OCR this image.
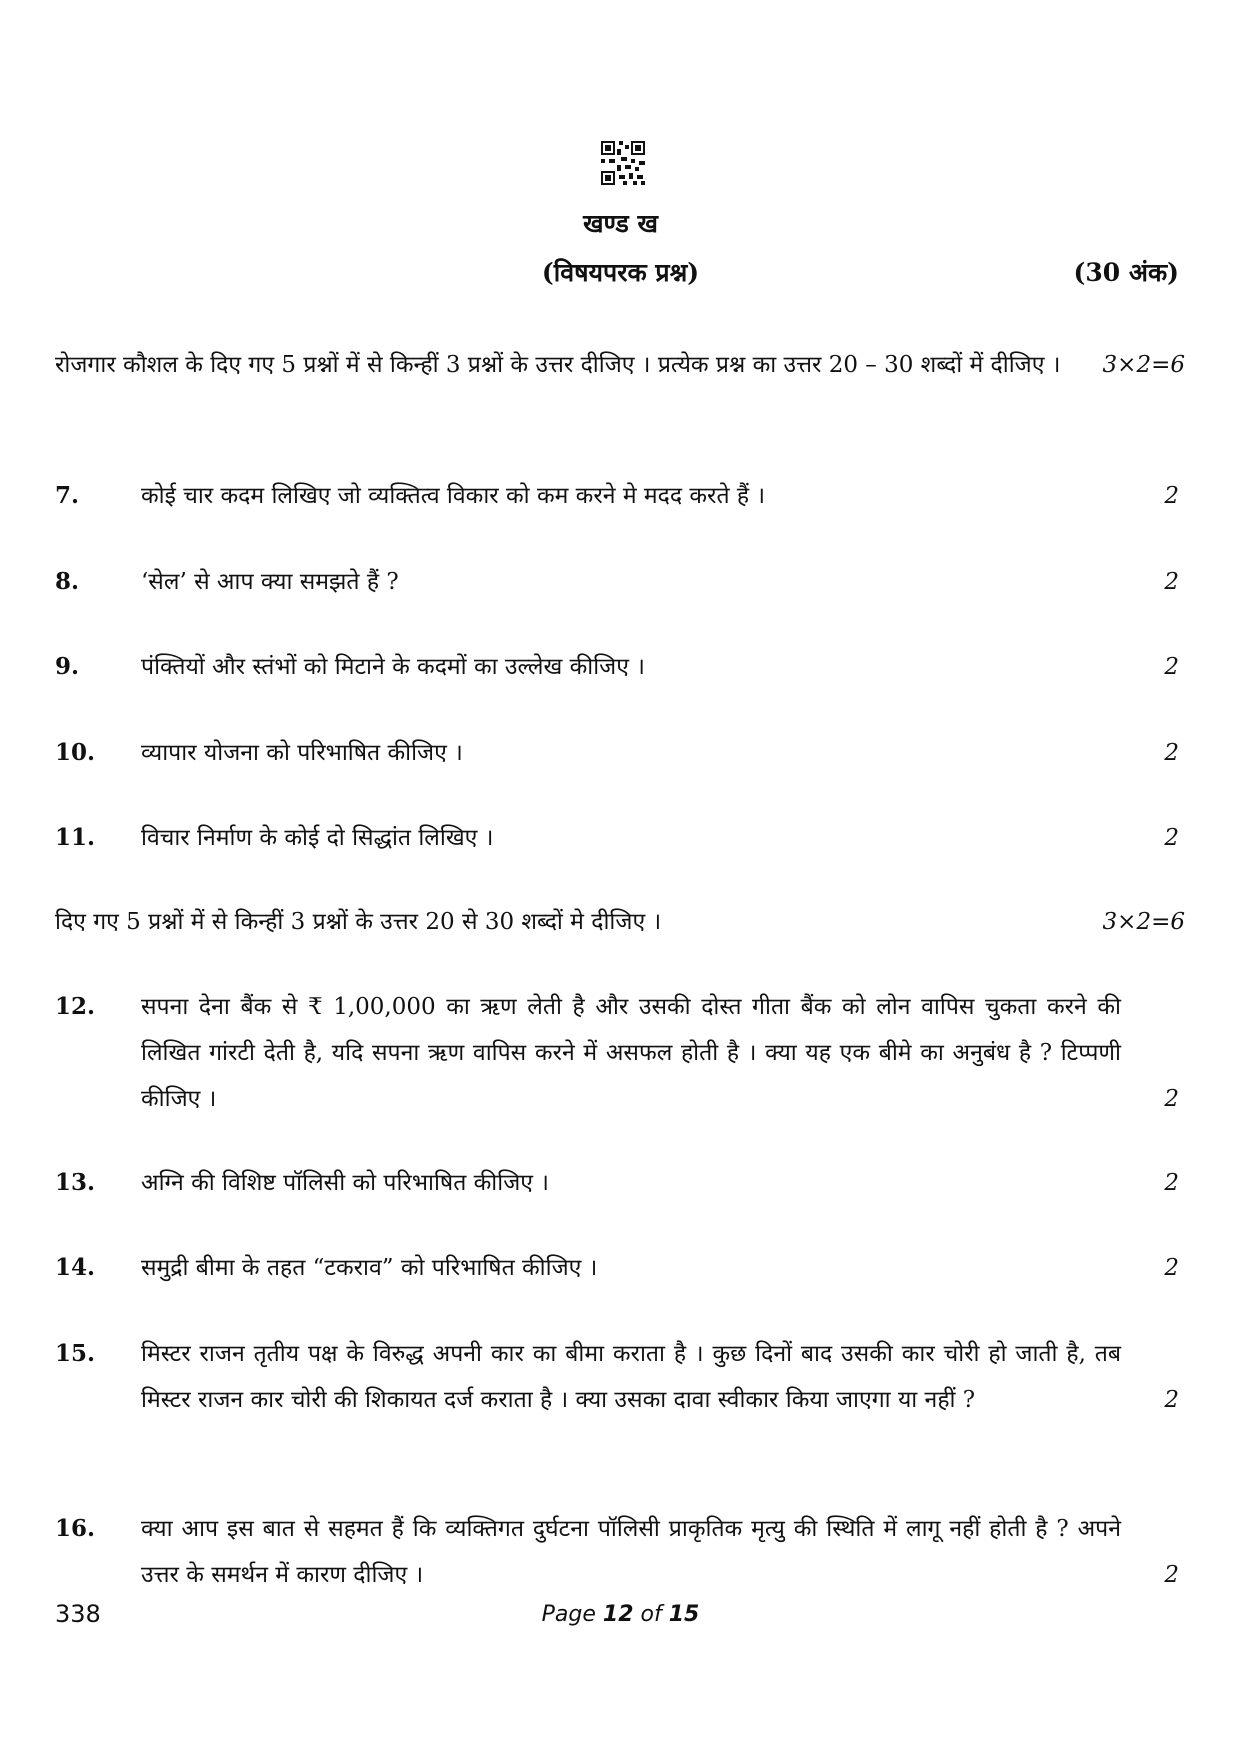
खण्ड ख
(विषयपरक प्रश्न)	(30 अंक)
रोजगार कौशल के दिए गए 5 प्रश्नों में से किन्हीं 3 प्रश्नों के उत्तर दीजिए । प्रत्येक प्रश्न का उत्तर 20 – 30 शब्दों में दीजिए ।	3×2=6
7.	कोई चार कदम लिखिए जो व्यक्तित्व विकार को कम करने मे मदद करते हैं ।	2
8.	‘सेल’ से आप क्या समझते हैं ?	2
9.	पंक्तियों और स्तंभों को मिटाने के कदमों का उल्लेख कीजिए ।	2
10. व्यापार योजना को परिभाषित कीजिए ।	2
11. विचार निर्माण के कोई दो सिद्धांत लिखिए ।	2
दिए गए 5 प्रश्नों में से किन्हीं 3 प्रश्नों के उत्तर 20 से 30 शब्दों मे दीजिए ।	3×2=6
12. सपना देना बैंक से ₹ 1,00,000 का ऋण लेती है और उसकी दोस्त गीता बैंक को लोन वापिस चुकता करने की लिखित गांरटी देती है, यदि सपना ऋण वापिस करने में असफल होती है । क्या यह एक बीमे का अनुबंध है ? टिप्पणी कीजिए ।	2
13. अग्नि की विशिष्ट पॉलिसी को परिभाषित कीजिए ।	2
14. समुद्री बीमा के तहत “टकराव” को परिभाषित कीजिए ।	2
15. मिस्टर राजन तृतीय पक्ष के विरुद्ध अपनी कार का बीमा कराता है । कुछ दिनों बाद उसकी कार चोरी हो जाती है, तब मिस्टर राजन कार चोरी की शिकायत दर्ज कराता है । क्या उसका दावा स्वीकार किया जाएगा या नहीं ?	2
16. क्या आप इस बात से सहमत हैं कि व्यक्तिगत दुर्घटना पॉलिसी प्राकृतिक मृत्यु की स्थिति में लागू नहीं होती है ? अपने उत्तर के समर्थन में कारण दीजिए ।	2
338	Page 12 of 15
